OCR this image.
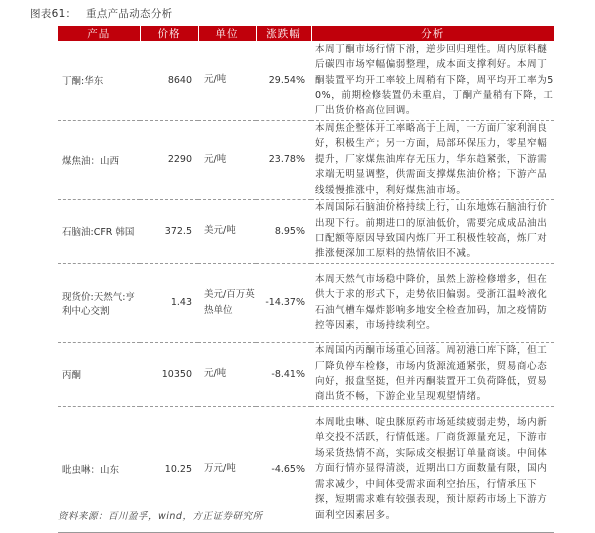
图表61： 重点产品动态分析
产品	价格	单位	涨跌幅	分析
丁酮:华东	8640	元/吨	29.54%	本周丁酮市场行情下滑，逆步回归理性。周内原料醚后碳四市场窄幅偏弱整理，成本面支撑利好。本周丁酮装置平均开工率较上周稍有下降，周平均开工率为50%，前期检修装置仍未重启，丁酮产量稍有下降，工厂出货价格高位回调。
煤焦油：山西	2290	元/吨	23.78%	本周焦企整体开工率略高于上周，一方面厂家利润良好，积极生产；另一方面，局部环保压力，零星窄幅提升，厂家煤焦油库存无压力，华东趋紧张，下游需求端无明显调整，供需面支撑煤焦油价格；下游产品线缓慢推涨中，利好煤焦油市场。
石脑油:CFR 韩国	372.5	美元/吨	8.95%	本周国际石脑油价格持续上行，山东地炼石脑油行价出现下行。前期进口的原油低价，需要完成成品油出口配额等原因导致国内炼厂开工积极性较高，炼厂对推涨便深加工原料的热情依旧不减。
现货价:天然气:亨利中心交割	1.43	美元/百万英热单位	-14.37%	本周天然气市场稳中降价，虽然上游检修增多，但在供大于求的形式下，走势依旧偏弱。受浙江温岭液化石油气槽车爆炸影响多地安全检查加码，加之疫情防控等因素，市场持续利空。
丙酮	10350	元/吨	-8.41%	本周国内丙酮市场重心回落。周初港口库下降，但工厂降负停车检修，市场内货源流通紧张，贸易商心态向好，报盘坚挺，但并丙酮装置开工负荷降低，贸易商出货不畅，下游企业呈现观望情绪。
吡虫啉：山东	10.25	万元/吨	-4.65%	本周吡虫啉、啶虫脒原药市场延续疲弱走势，场内新单交投不活跃，行情低迷。厂商货源量充足，下游市场采货热情不高，实际成交根据订单量商谈。中间体方面行情亦显得清淡，近期出口方面数量有限，国内需求减少，中间体受需求面利空抬压，行情承压下探，短期需求难有较强表现，预计原药市场上下游方面利空因素居多。
资料来源：百川盈孚，wind，方正证券研究所
